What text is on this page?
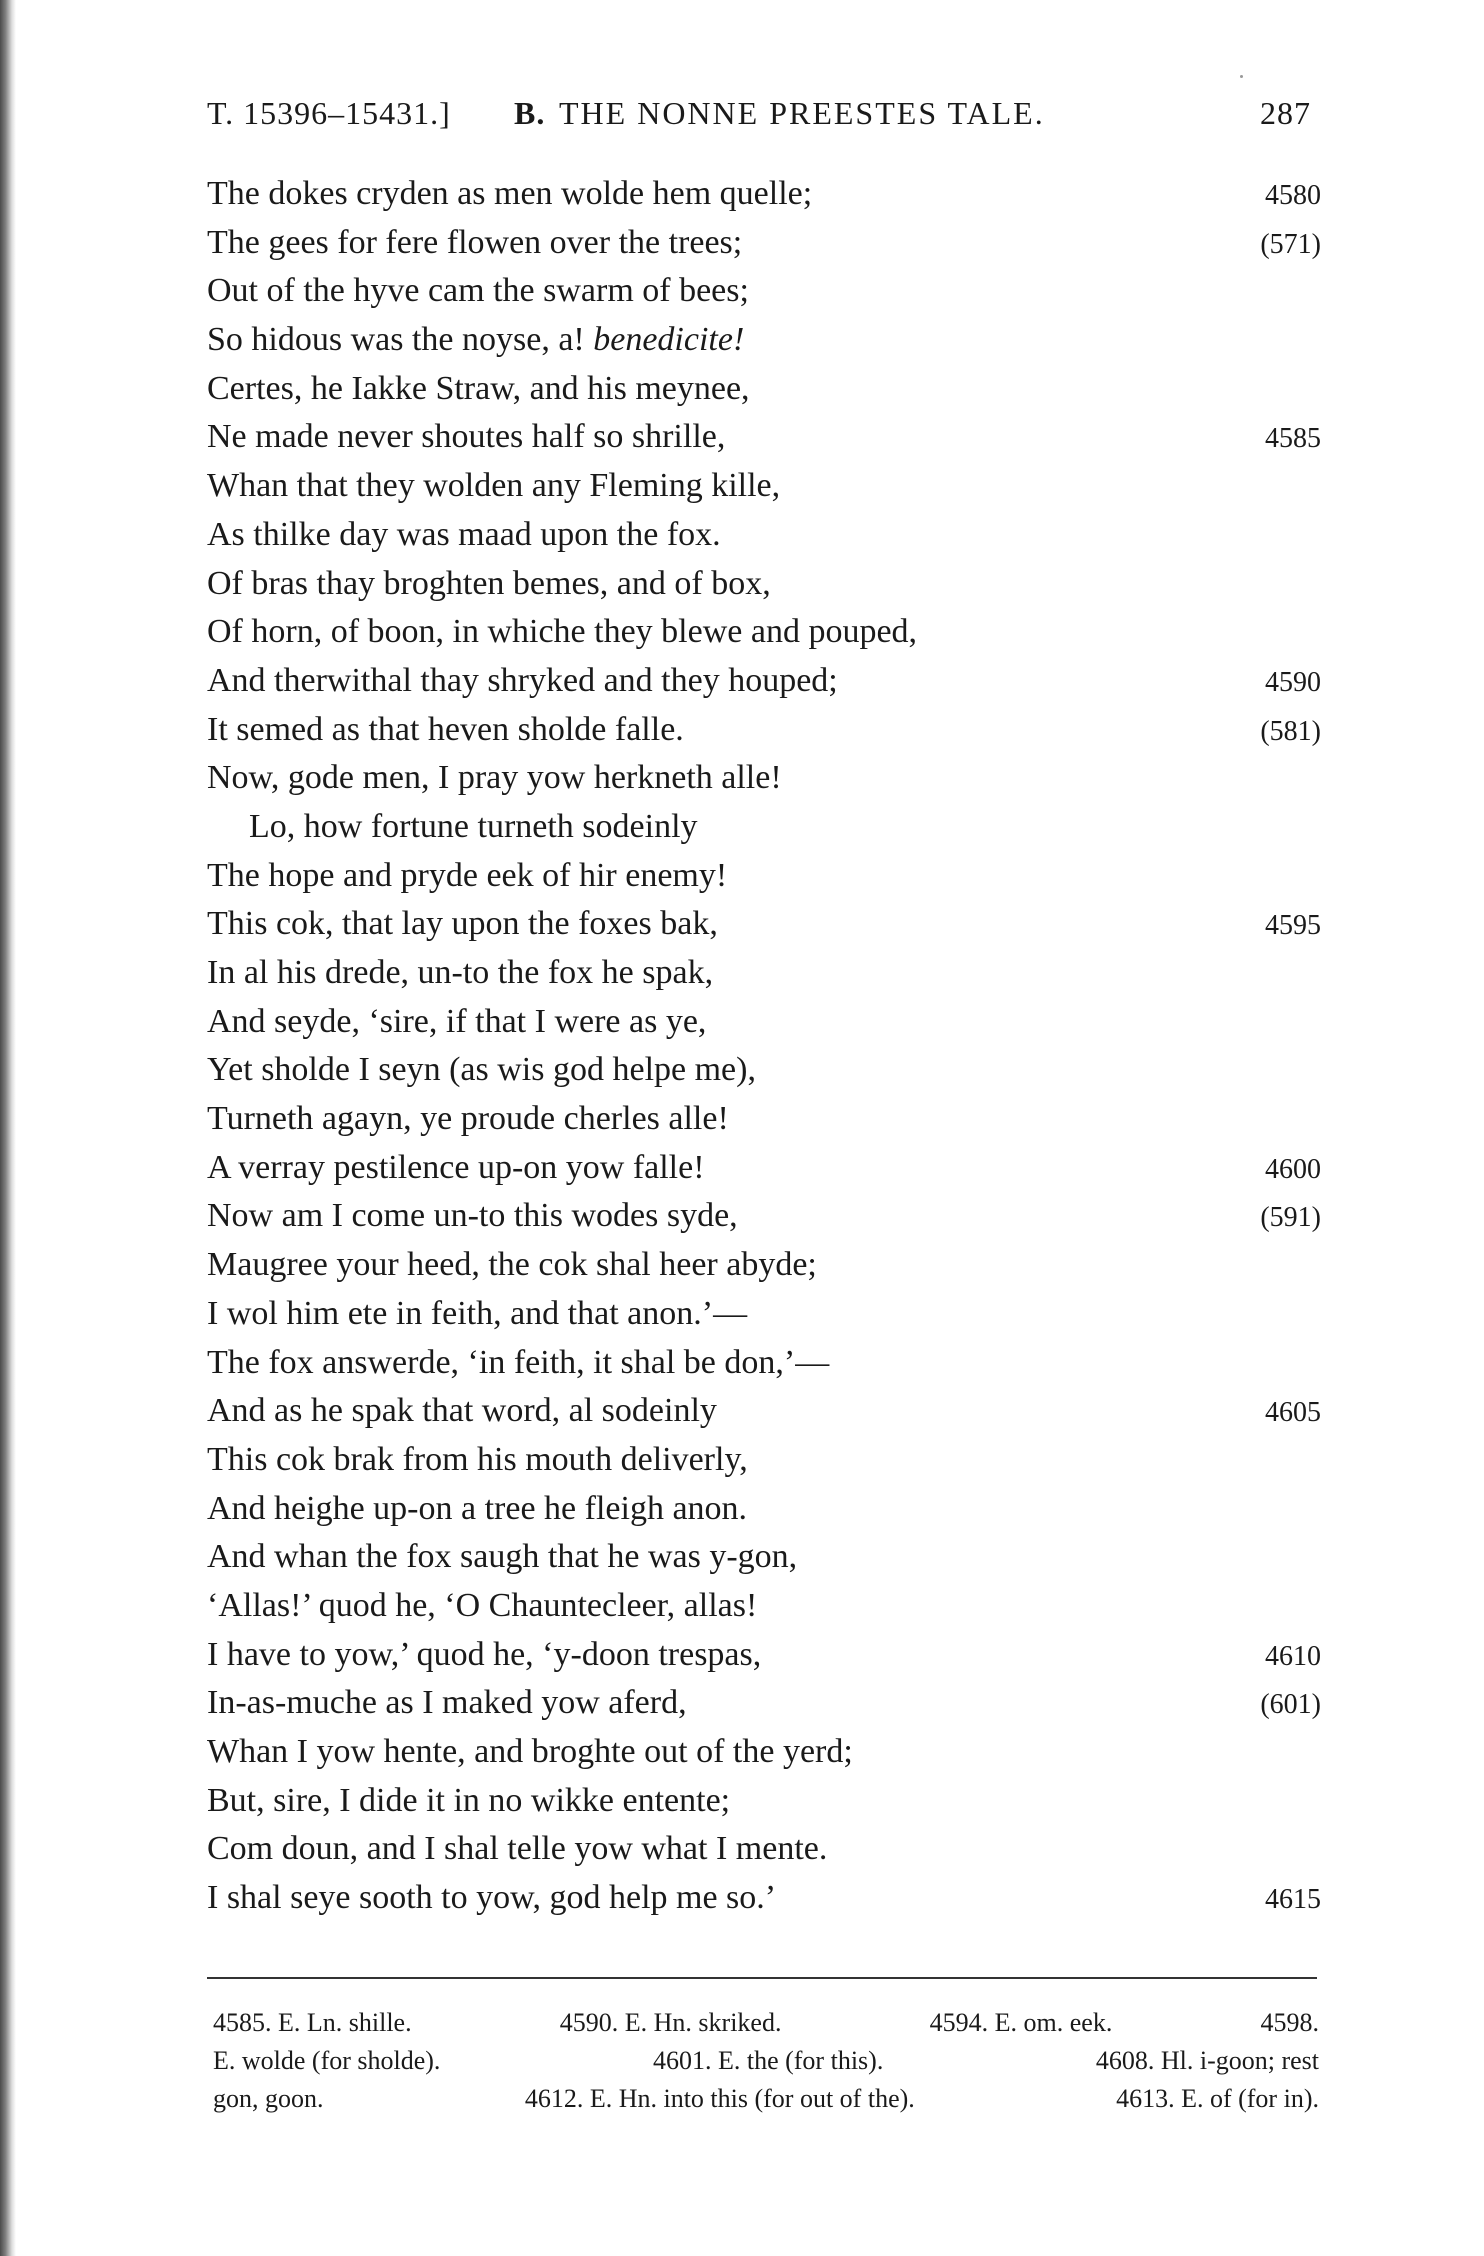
T. 15396–15431.] B. THE NONNE PREESTES TALE.	287
The dokes cryden as men wolde hem quelle;	4580
The gees for fere flowen over the trees;	(571)
Out of the hyve cam the swarm of bees;
So hidous was the noyse, a! benedicite!
Certes, he Iakke Straw, and his meynee,
Ne made never shoutes half so shrille,	4585
Whan that they wolden any Fleming kille,
As thilke day was maad upon the fox.
Of bras thay broghten bemes, and of box,
Of horn, of boon, in whiche they blewe and pouped,
And therwithal thay shryked and they houped;	4590
It semed as that heven sholde falle.	(581)
Now, gode men, I pray yow herkneth alle!
Lo, how fortune turneth sodeinly
The hope and pryde eek of hir enemy!
This cok, that lay upon the foxes bak,	4595
In al his drede, un-to the fox he spak,
And seyde, ‘sire, if that I were as ye,
Yet sholde I seyn (as wis god helpe me),
Turneth agayn, ye proude cherles alle!
A verray pestilence up-on yow falle!	4600
Now am I come un-to this wodes syde,	(591)
Maugree your heed, the cok shal heer abyde;
I wol him ete in feith, and that anon.’—
The fox answerde, ‘in feith, it shal be don,’—
And as he spak that word, al sodeinly	4605
This cok brak from his mouth deliverly,
And heighe up-on a tree he fleigh anon.
And whan the fox saugh that he was y-gon,
‘Allas!’ quod he, ‘O Chauntecleer, allas!
I have to yow,’ quod he, ‘y-doon trespas,	4610
In-as-muche as I maked yow aferd,	(601)
Whan I yow hente, and broghte out of the yerd;
But, sire, I dide it in no wikke entente;
Com doun, and I shal telle yow what I mente.
I shal seye sooth to yow, god help me so.’	4615
4585. E. Ln. shille.	4590. E. Hn. skriked.	4594. E. om. eek.	4598.
E. wolde (for sholde).	4601. E. the (for this).	4608. Hl. i-goon; rest
gon, goon.	4612. E. Hn. into this (for out of the).	4613. E. of (for in).
